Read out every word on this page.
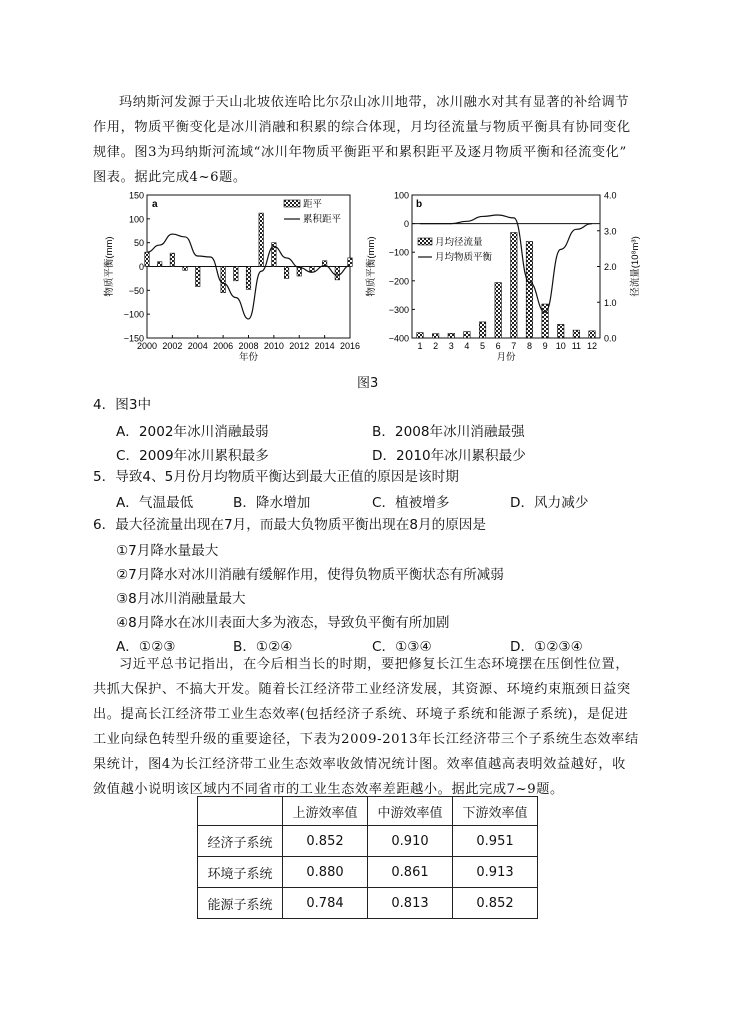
玛纳斯河发源于天山北坡依连哈比尔尕山冰川地带，冰川融水对其有显著的补给调节

作用，物质平衡变化是冰川消融和积累的综合体现，月均径流量与物质平衡具有协同变化

规律。图3为玛纳斯河流域“冰川年物质平衡距平和累积距平及逐月物质平衡和径流变化”

图表。据此完成4~6题。

150
100
50
0
−50
−100
−150
2000 2002 2004 2006 2008 2010 2012 2014 2016
年份
物质平衡(mm)
a	距平
累积距平
100
0
−100
−200
−300
−400
4.0
3.0
2.0
1.0
0.0
1 2 3 4 5 6 7 8 9 10 11 12
月份
物质平衡(mm)	径流量(10⁸m³)
b
月均径流量
月均物质平衡
图3
4．图3中
A．2002年冰川消融最弱	B．2008年冰川消融最强
C．2009年冰川累积最多	D．2010年冰川累积最少
5．导致4、5月份月均物质平衡达到最大正值的原因是该时期
A．气温最低	B．降水增加	C．植被增多	D．风力减少
6．最大径流量出现在7月，而最大负物质平衡出现在8月的原因是
①7月降水量最大
②7月降水对冰川消融有缓解作用，使得负物质平衡状态有所减弱
③8月冰川消融量最大
④8月降水在冰川表面大多为液态，导致负平衡有所加剧
A．①②③	B．①②④	C．①③④	D．①②③④

习近平总书记指出，在今后相当长的时期，要把修复长江生态环境摆在压倒性位置，

共抓大保护、不搞大开发。随着长江经济带工业经济发展，其资源、环境约束瓶颈日益突

出。提高长江经济带工业生态效率(包括经济子系统、环境子系统和能源子系统)，是促进

工业向绿色转型升级的重要途径，下表为2009-2013年长江经济带三个子系统生态效率结

果统计，图4为长江经济带工业生态效率收敛情况统计图。效率值越高表明效益越好，收

敛值越小说明该区域内不同省市的工业生态效率差距越小。据此完成7~9题。

	上游效率值	中游效率值	下游效率值
经济子系统	0.852	0.910	0.951
环境子系统	0.880	0.861	0.913
能源子系统	0.784	0.813	0.852
